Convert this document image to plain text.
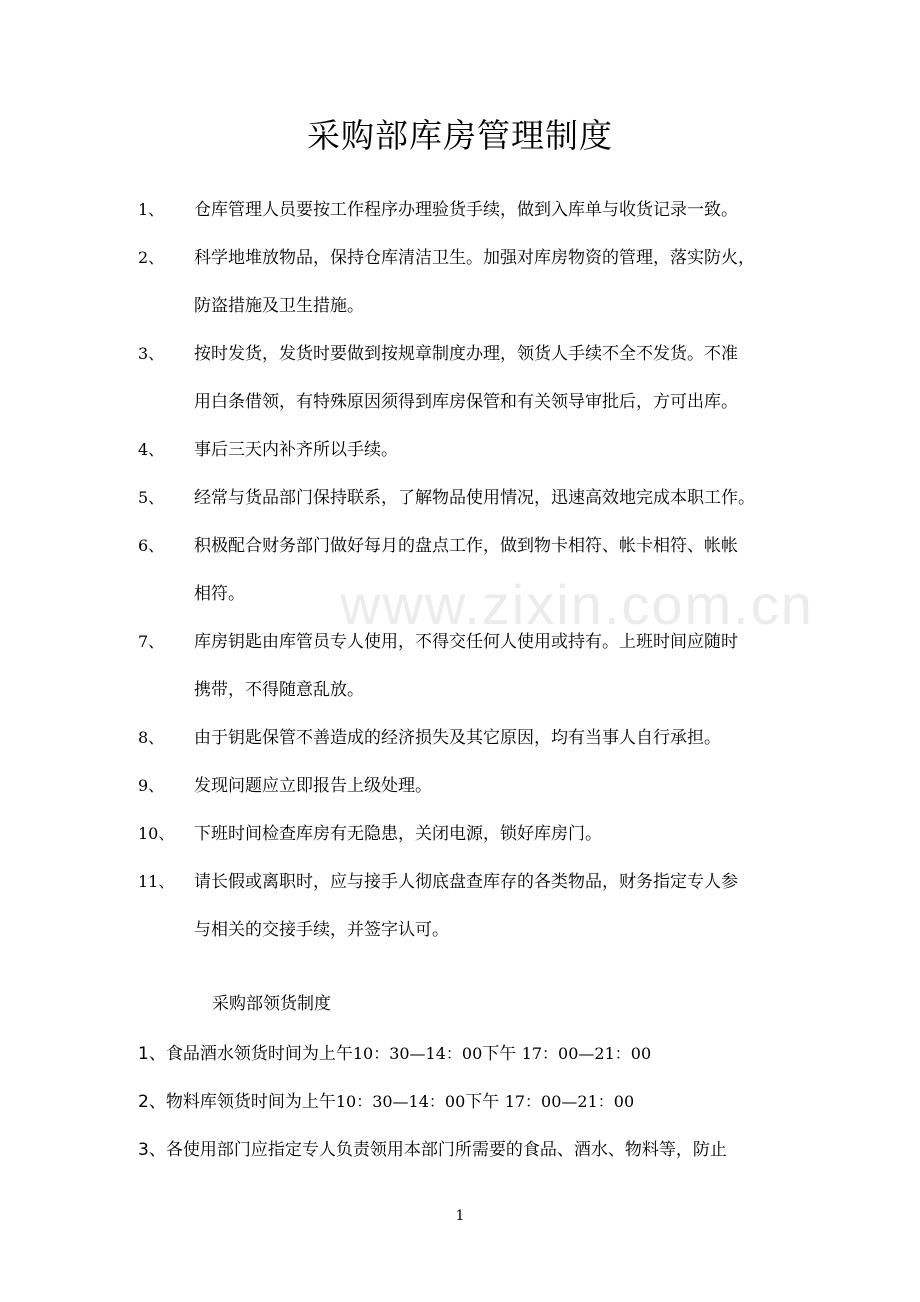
采购部库房管理制度
www.zixin.com.cn
1、 仓库管理人员要按工作程序办理验货手续，做到入库单与收货记录一致。
2、 科学地堆放物品，保持仓库清洁卫生。加强对库房物资的管理，落实防火，
防盗措施及卫生措施。
3、 按时发货，发货时要做到按规章制度办理，领货人手续不全不发货。不准
用白条借领，有特殊原因须得到库房保管和有关领导审批后，方可出库。
4、 事后三天内补齐所以手续。
5、 经常与货品部门保持联系，了解物品使用情况，迅速高效地完成本职工作。
6、 积极配合财务部门做好每月的盘点工作，做到物卡相符、帐卡相符、帐帐
相符。
7、 库房钥匙由库管员专人使用，不得交任何人使用或持有。上班时间应随时
携带，不得随意乱放。
8、 由于钥匙保管不善造成的经济损失及其它原因，均有当事人自行承担。
9、 发现问题应立即报告上级处理。
10、 下班时间检查库房有无隐患，关闭电源，锁好库房门。
11、 请长假或离职时，应与接手人彻底盘查库存的各类物品，财务指定专人参
与相关的交接手续，并签字认可。
采购部领货制度
1、食品酒水领货时间为上午10：30—14：00下午 17：00—21：00
2、物料库领货时间为上午10：30—14：00下午 17：00—21：00
3、各使用部门应指定专人负责领用本部门所需要的食品、酒水、物料等，防止
1
